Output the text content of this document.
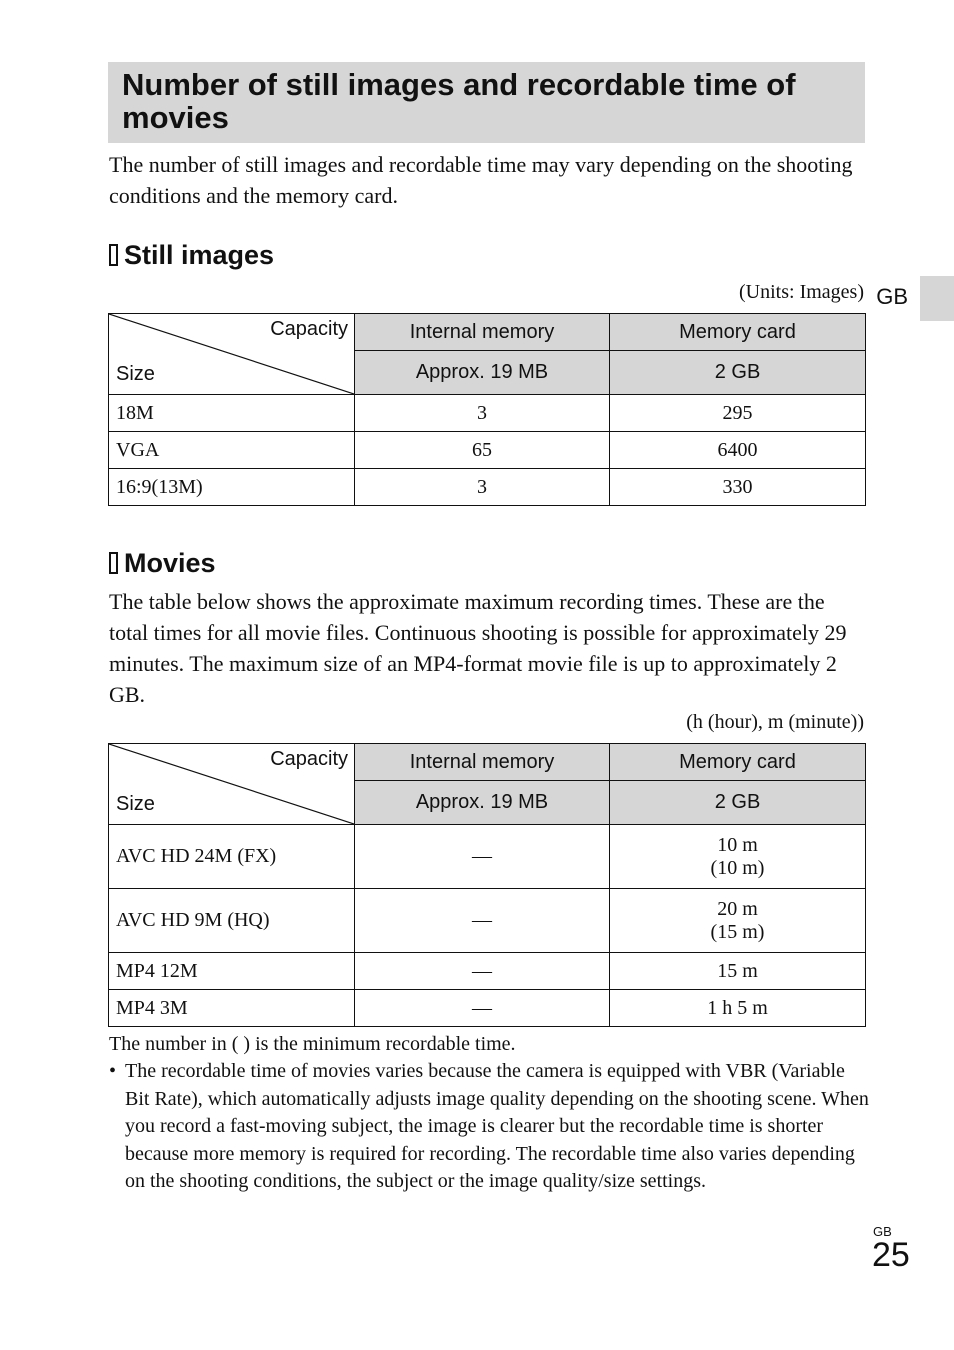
Number of still images and recordable time of movies

The number of still images and recordable time may vary depending on the shooting conditions and the memory card.

GB
Still images
(Units: Images)
Capacity
Size	Internal memory	Memory card
	Approx. 19 MB	2 GB
18M	3	295
VGA	65	6400
16:9(13M)	3	330
Movies

The table below shows the approximate maximum recording times. These are the total times for all movie files. Continuous shooting is possible for approximately 29 minutes. The maximum size of an MP4-format movie file is up to approximately 2 GB.

(h (hour), m (minute))
Capacity
Size	Internal memory	Memory card
	Approx. 19 MB	2 GB
AVC HD 24M (FX)	—	10 m
(10 m)

AVC HD 9M (HQ)	—	20 m
(15 m)

MP4 12M	—	15 m
MP4 3M	—	1 h 5 m

The number in ( ) is the minimum recordable time.

• The recordable time of movies varies because the camera is equipped with VBR (Variable Bit Rate), which automatically adjusts image quality depending on the shooting scene. When you record a fast-moving subject, the image is clearer but the recordable time is shorter because more memory is required for recording. The recordable time also varies depending on the shooting conditions, the subject or the image quality/size settings.
GB
25
